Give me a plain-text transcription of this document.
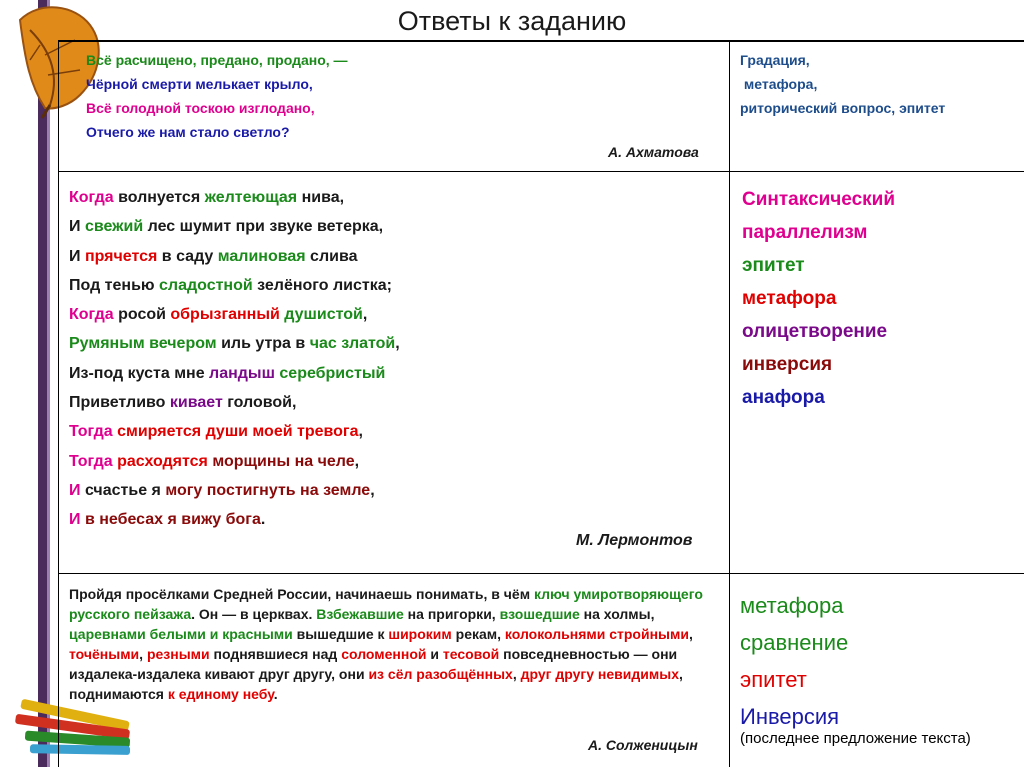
Ответы к заданию
Всё расчищено, предано, продано, —
Чёрной смерти мелькает крыло,
Всё голодной тоскою изглодано,
Отчего же нам стало светло?
А. Ахматова
Градация,
метафора,
риторический вопрос, эпитет
Когда волнуется желтеющая нива,
И свежий лес шумит при звуке ветерка,
И прячется в саду малиновая слива
Под тенью сладостной зелёного листка;
Когда росой обрызганный душистой,
Румяным вечером иль утра в час златой,
Из-под куста мне ландыш серебристый
Приветливо кивает головой,
Тогда смиряется души моей тревога,
Тогда расходятся морщины на челе,
И счастье я могу постигнуть на земле,
И в небесах я вижу бога.
М. Лермонтов
Синтаксический
параллелизм
эпитет
метафора
олицетворение
инверсия
анафора
Пройдя просёлками Средней России, начинаешь понимать, в чём ключ умиротворяющего русского пейзажа. Он — в церквах. Взбежавшие на пригорки, взошедшие на холмы, царевнами белыми и красными вышедшие к широким рекам, колокольнями стройными, точёными, резными поднявшиеся над соломенной и тесовой повседневностью — они издалека-издалека кивают друг другу, они из сёл разобщённых, друг другу невидимых, поднимаются к единому небу.
А. Солженицын
метафора
сравнение
эпитет
Инверсия
(последнее предложение текста)
